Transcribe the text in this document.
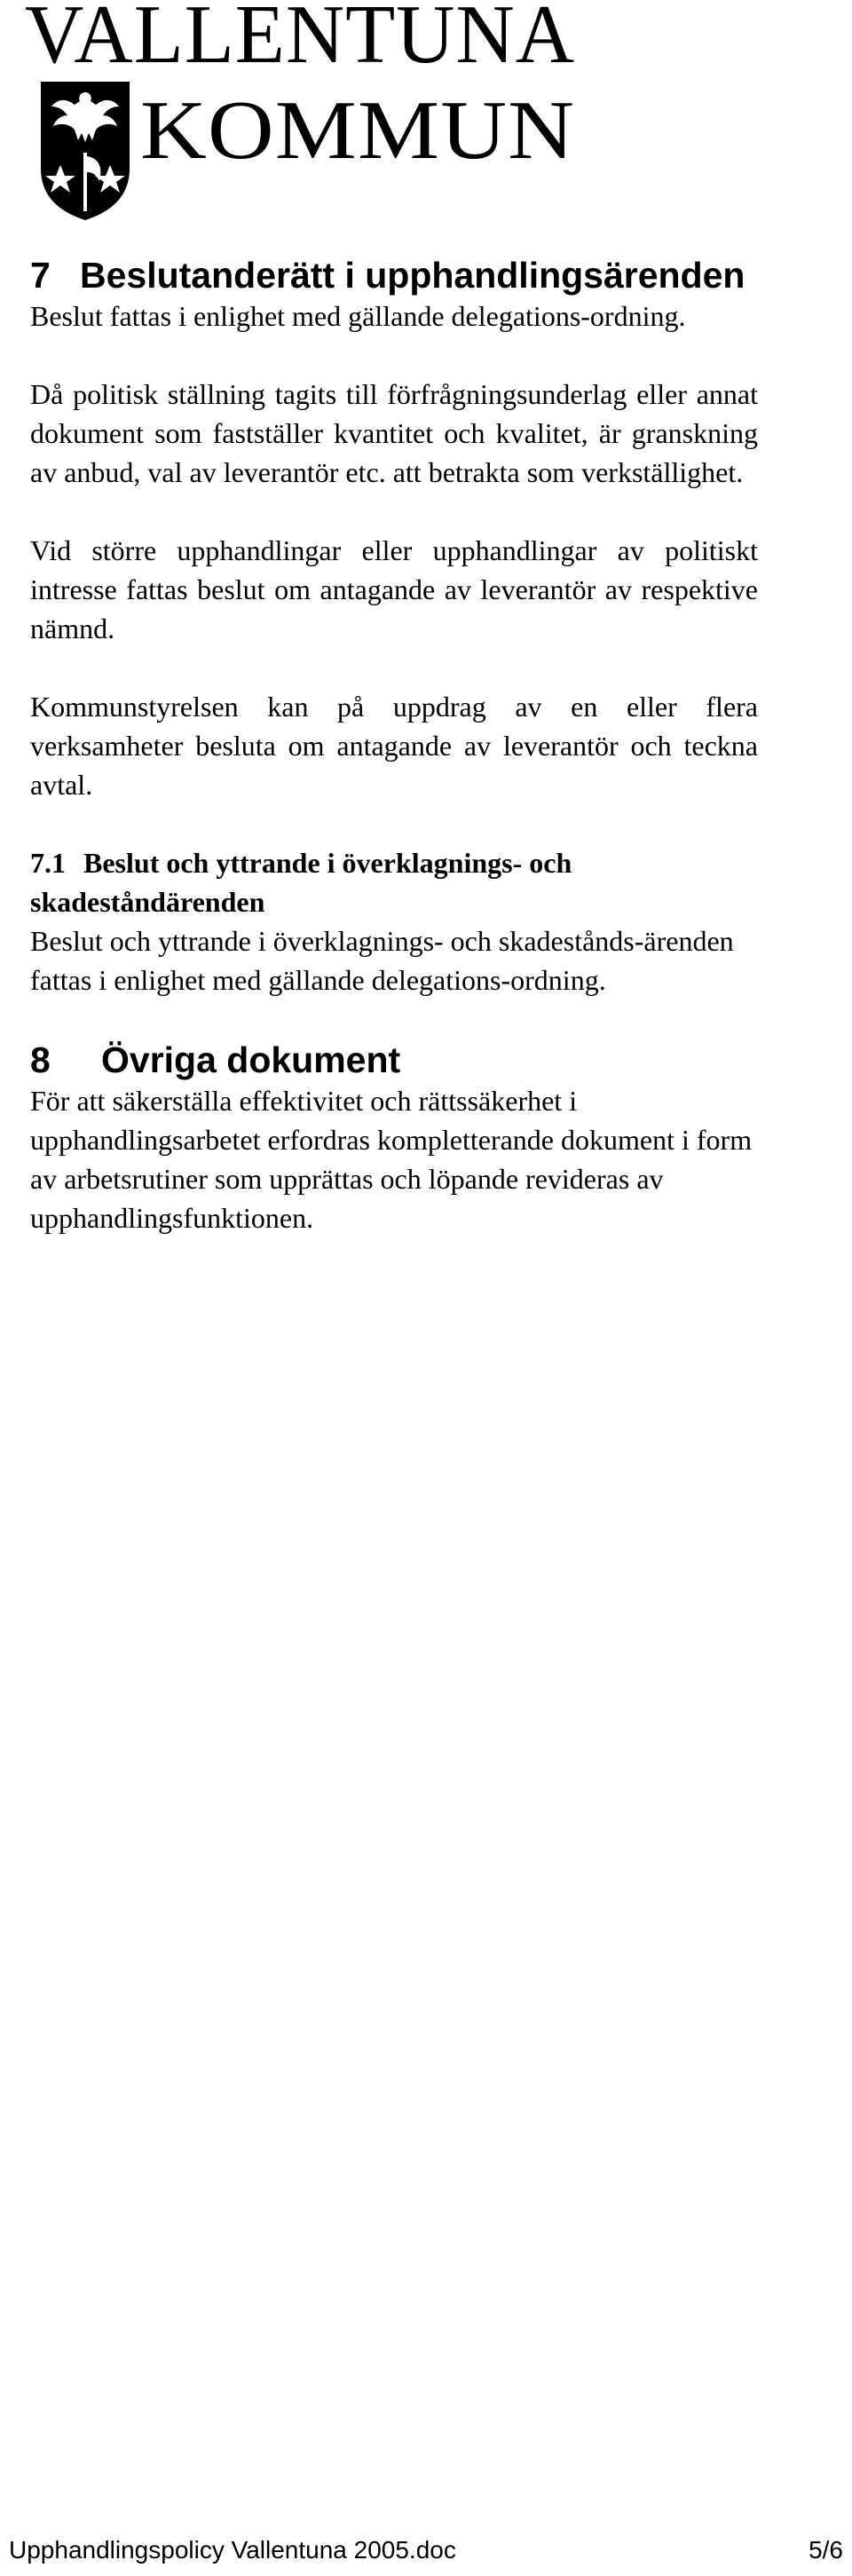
VALLENTUNA
KOMMUN
7 Beslutanderätt i upphandlingsärenden

Beslut fattas i enlighet med gällande delegations-ordning.

Då politisk ställning tagits till förfrågningsunderlag eller annat dokument som fastställer kvantitet och kvalitet, är granskning av anbud, val av leverantör etc. att betrakta som verkställighet.

Vid större upphandlingar eller upphandlingar av politiskt intresse fattas beslut om antagande av leverantör av respektive nämnd.

Kommunstyrelsen kan på uppdrag av en eller flera verksamheter besluta om antagande av leverantör och teckna avtal.

7.1 Beslut och yttrande i överklagnings- och skadeståndärenden

Beslut och yttrande i överklagnings- och skadestånds-ärenden fattas i enlighet med gällande delegations-ordning.

8	Övriga dokument

För att säkerställa effektivitet och rättssäkerhet i upphandlingsarbetet erfordras kompletterande dokument i form av arbetsrutiner som upprättas och löpande revideras av upphandlingsfunktionen.

Upphandlingspolicy Vallentuna 2005.doc	5/6
